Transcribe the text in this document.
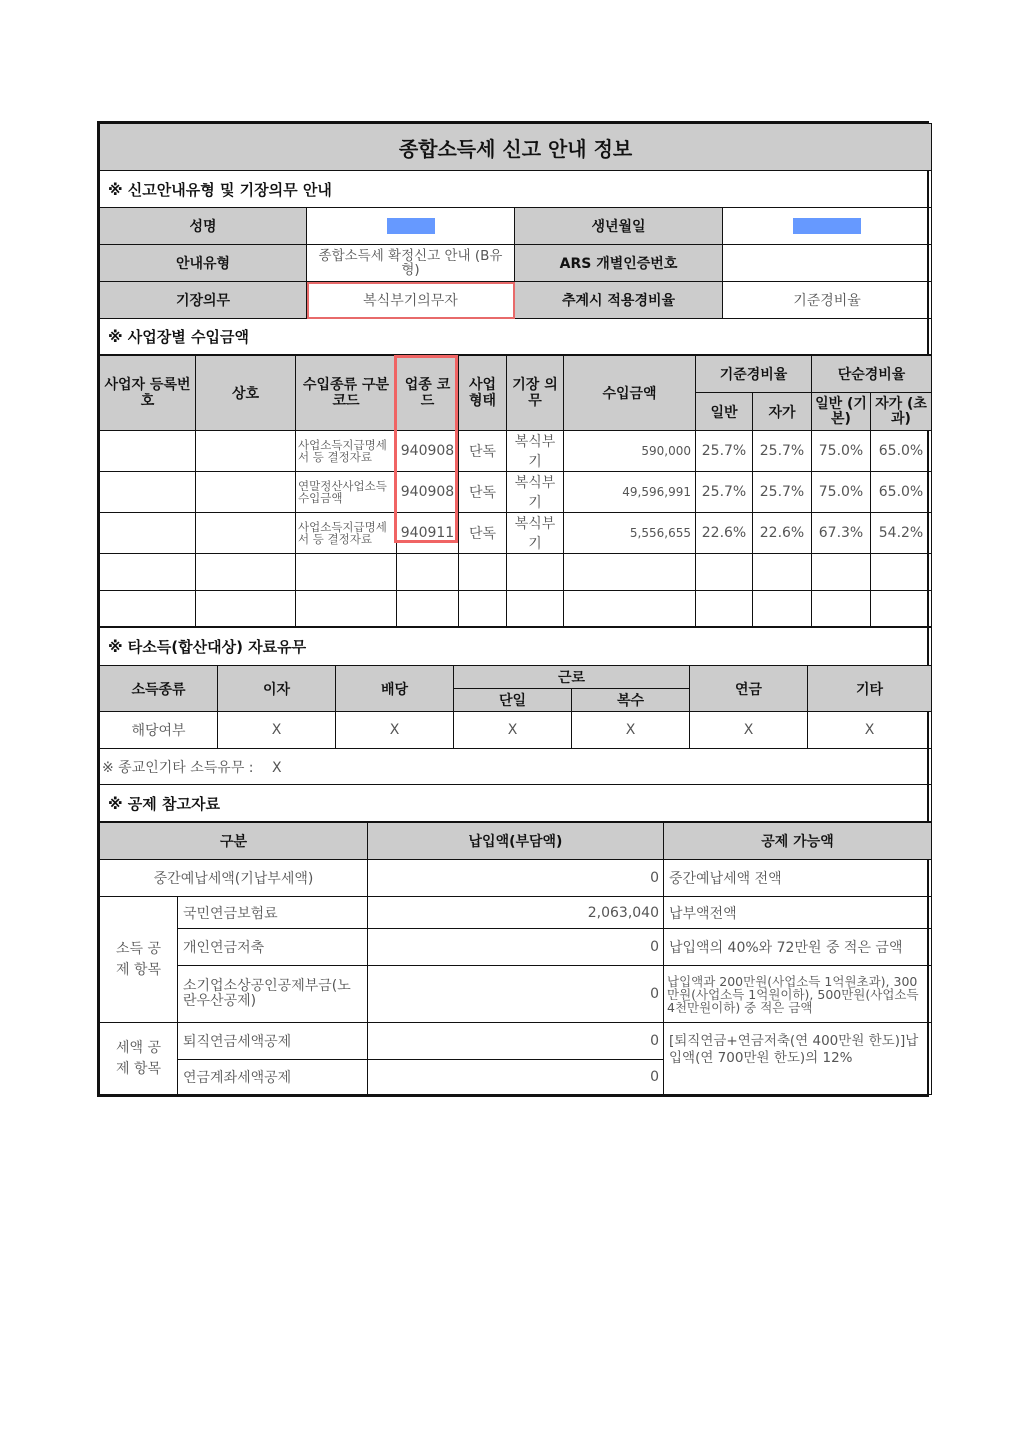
종합소득세 신고 안내 정보			
※ 신고안내유형 및 기장의무 안내			
성명		생년월일	
안내유형	종합소득세 확정신고 안내 (B유형)	ARS 개별인증번호	
기장의무	복식부기의무자	추계시 적용경비율	기준경비율
※ 사업장별 수입금액			
사업자 등록번호	상호	수입종류 구분코드	업종 코드	사업 형태	기장 의무	수입금액	기준경비율		단순경비율	
							일반	자가	일반 (기본)	자가 (초과)
		사업소득지급명세서 등 결정자료	940908	단독	복식부기	590,000	25.7%	25.7%	75.0%	65.0%
		연말정산사업소득 수입금액	940908	단독	복식부기	49,596,991	25.7%	25.7%	75.0%	65.0%
		사업소득지급명세서 등 결정자료	940911	단독	복식부기	5,556,655	22.6%	22.6%	67.3%	54.2%

※ 타소득(합산대상) 자료유무						
소득종류	이자	배당	근로		연금	기타
			단일	복수		
해당여부	X	X	X	X	X	X
※ 종교인기타 소득유무 : X						
※ 공제 참고자료						
구분		납입액(부담액)	공제 가능액
중간예납세액(기납부세액)		0	중간예납세액 전액
소득 공제 항목	국민연금보험료	2,063,040	납부액전액
	개인연금저축	0	납입액의 40%와 72만원 중 적은 금액
	소기업소상공인공제부금(노란우산공제)	0	납입액과 200만원(사업소득 1억원초과), 300만원(사업소득 1억원이하), 500만원(사업소득 4천만원이하) 중 적은 금액
세액 공제 항목	퇴직연금세액공제	0	[퇴직연금+연금저축(연 400만원 한도)]납입액(연 700만원 한도)의 12%
	연금계좌세액공제	0	
